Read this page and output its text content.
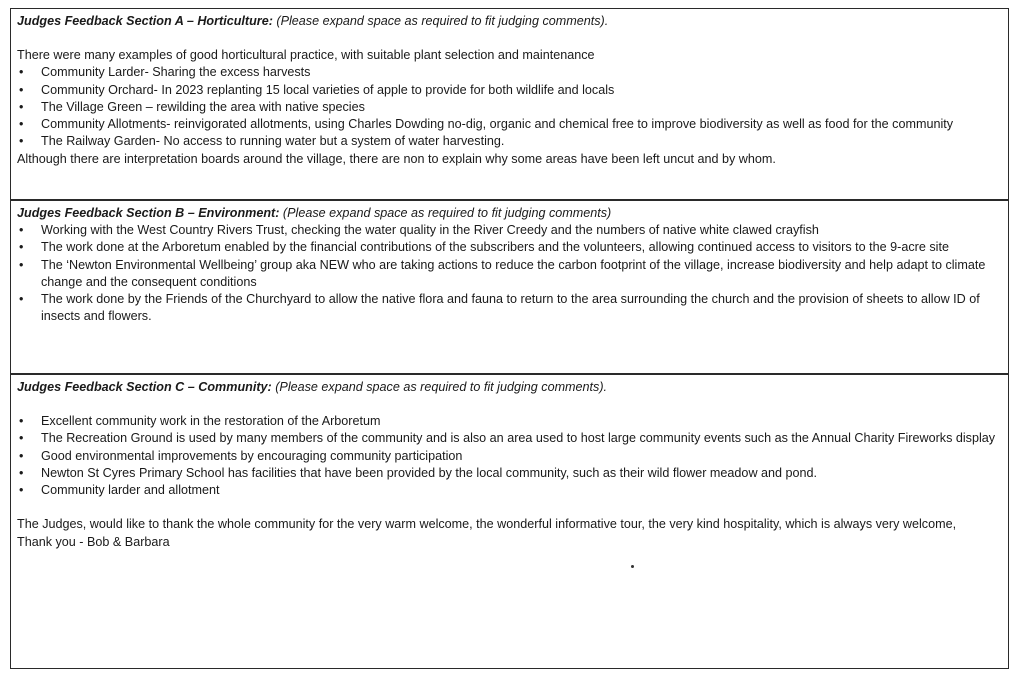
Judges Feedback Section A – Horticulture: (Please expand space as required to fit judging comments).

There were many examples of good horticultural practice, with suitable plant selection and maintenance

• Community Larder- Sharing the excess harvests
• Community Orchard- In 2023 replanting 15 local varieties of apple to provide for both wildlife and locals
• The Village Green – rewilding the area with native species
• Community Allotments- reinvigorated allotments, using Charles Dowding no-dig, organic and chemical free to improve biodiversity as well as food for the community
• The Railway Garden- No access to running water but a system of water harvesting.

Although there are interpretation boards around the village, there are non to explain why some areas have been left uncut and by whom.

Judges Feedback Section B – Environment: (Please expand space as required to fit judging comments)
• Working with the West Country Rivers Trust, checking the water quality in the River Creedy and the numbers of native white clawed crayfish
• The work done at the Arboretum enabled by the financial contributions of the subscribers and the volunteers, allowing continued access to visitors to the 9-acre site
• The ‘Newton Environmental Wellbeing’ group aka NEW who are taking actions to reduce the carbon footprint of the village, increase biodiversity and help adapt to climate change and the consequent conditions
• The work done by the Friends of the Churchyard to allow the native flora and fauna to return to the area surrounding the church and the provision of sheets to allow ID of insects and flowers.
Judges Feedback Section C – Community: (Please expand space as required to fit judging comments).
• Excellent community work in the restoration of the Arboretum
• The Recreation Ground is used by many members of the community and is also an area used to host large community events such as the Annual Charity Fireworks display
• Good environmental improvements by encouraging community participation
• Newton St Cyres Primary School has facilities that have been provided by the local community, such as their wild flower meadow and pond.
• Community larder and allotment

The Judges, would like to thank the whole community for the very warm welcome, the wonderful informative tour, the very kind hospitality, which is always very welcome,

Thank you - Bob & Barbara
